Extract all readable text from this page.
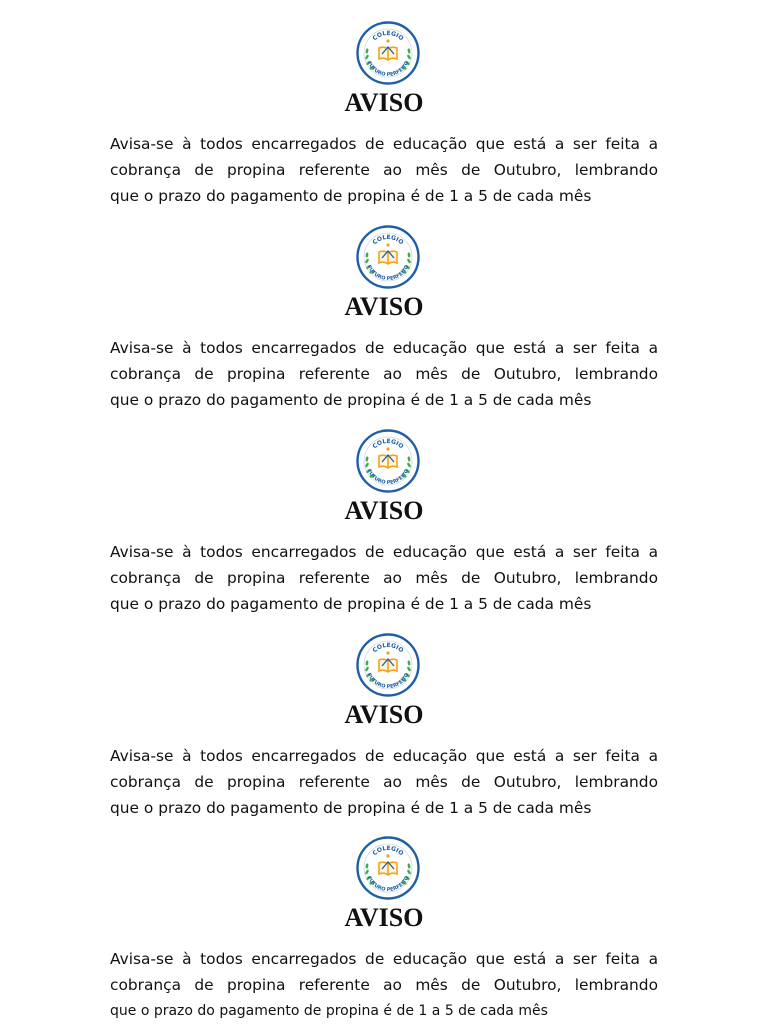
COLEGIO
FUTURO PERFEITO
AVISO
Avisa-se à todos encarregados de educação que está a ser feita a
cobrança de propina referente ao mês de Outubro, lembrando
que o prazo do pagamento de propina é de 1 a 5 de cada mês
COLEGIO
FUTURO PERFEITO
AVISO
Avisa-se à todos encarregados de educação que está a ser feita a
cobrança de propina referente ao mês de Outubro, lembrando
que o prazo do pagamento de propina é de 1 a 5 de cada mês
COLEGIO
FUTURO PERFEITO
AVISO
Avisa-se à todos encarregados de educação que está a ser feita a
cobrança de propina referente ao mês de Outubro, lembrando
que o prazo do pagamento de propina é de 1 a 5 de cada mês
COLEGIO
FUTURO PERFEITO
AVISO
Avisa-se à todos encarregados de educação que está a ser feita a
cobrança de propina referente ao mês de Outubro, lembrando
que o prazo do pagamento de propina é de 1 a 5 de cada mês
COLEGIO
FUTURO PERFEITO
AVISO
Avisa-se à todos encarregados de educação que está a ser feita a
cobrança de propina referente ao mês de Outubro, lembrando
que o prazo do pagamento de propina é de 1 a 5 de cada mês
